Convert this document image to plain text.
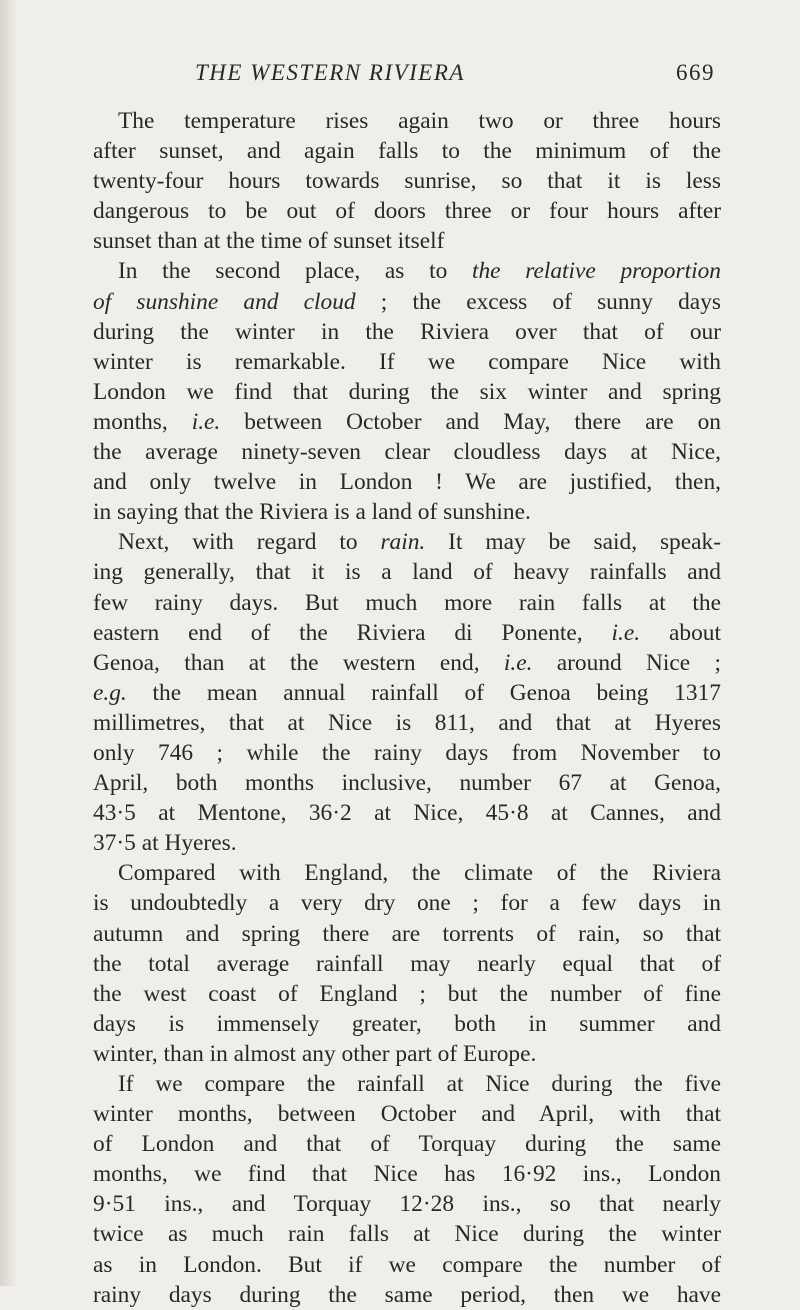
THE WESTERN RIVIERA	669
The temperature rises again two or three hours
after sunset, and again falls to the minimum of the
twenty-four hours towards sunrise, so that it is less
dangerous to be out of doors three or four hours after
sunset than at the time of sunset itself
In the second place, as to the relative proportion
of sunshine and cloud ; the excess of sunny days
during the winter in the Riviera over that of our
winter is remarkable. If we compare Nice with
London we find that during the six winter and spring
months, i.e. between October and May, there are on
the average ninety-seven clear cloudless days at Nice,
and only twelve in London ! We are justified, then,
in saying that the Riviera is a land of sunshine.
Next, with regard to rain. It may be said, speak-
ing generally, that it is a land of heavy rainfalls and
few rainy days. But much more rain falls at the
eastern end of the Riviera di Ponente, i.e. about
Genoa, than at the western end, i.e. around Nice ;
e.g. the mean annual rainfall of Genoa being 1317
millimetres, that at Nice is 811, and that at Hyeres
only 746 ; while the rainy days from November to
April, both months inclusive, number 67 at Genoa,
43·5 at Mentone, 36·2 at Nice, 45·8 at Cannes, and
37·5 at Hyeres.
Compared with England, the climate of the Riviera
is undoubtedly a very dry one ; for a few days in
autumn and spring there are torrents of rain, so that
the total average rainfall may nearly equal that of
the west coast of England ; but the number of fine
days is immensely greater, both in summer and
winter, than in almost any other part of Europe.
If we compare the rainfall at Nice during the five
winter months, between October and April, with that
of London and that of Torquay during the same
months, we find that Nice has 16·92 ins., London
9·51 ins., and Torquay 12·28 ins., so that nearly
twice as much rain falls at Nice during the winter
as in London. But if we compare the number of
rainy days during the same period, then we have
